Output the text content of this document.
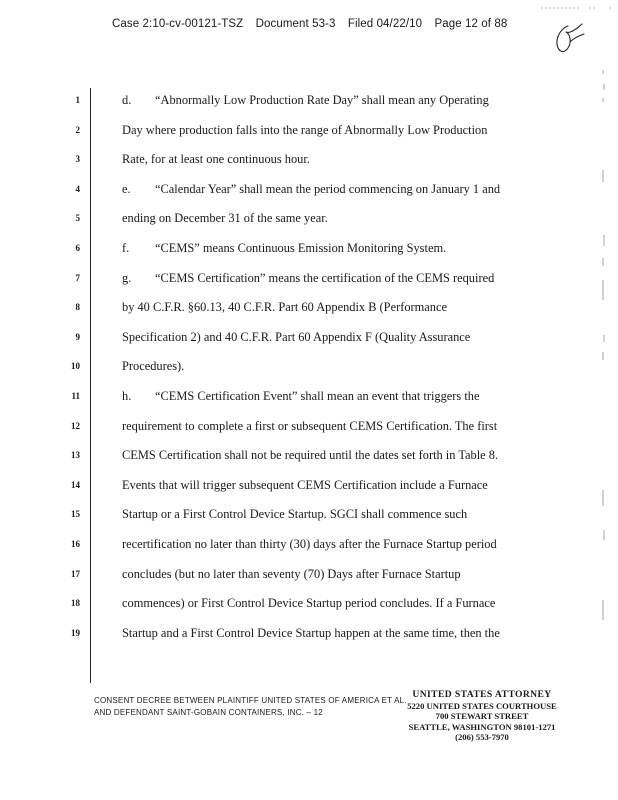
Case 2:10-cv-00121-TSZ Document 53-3 Filed 04/22/10 Page 12 of 88
1	d. “Abnormally Low Production Rate Day” shall mean any Operating
2	Day where production falls into the range of Abnormally Low Production
3	Rate, for at least one continuous hour.
4	e. “Calendar Year” shall mean the period commencing on January 1 and
5	ending on December 31 of the same year.
6	f. “CEMS” means Continuous Emission Monitoring System.
7	g. “CEMS Certification” means the certification of the CEMS required
8	by 40 C.F.R. §60.13, 40 C.F.R. Part 60 Appendix B (Performance
9	Specification 2) and 40 C.F.R. Part 60 Appendix F (Quality Assurance
10	Procedures).
11	h. “CEMS Certification Event” shall mean an event that triggers the
12	requirement to complete a first or subsequent CEMS Certification. The first
13	CEMS Certification shall not be required until the dates set forth in Table 8.
14	Events that will trigger subsequent CEMS Certification include a Furnace
15	Startup or a First Control Device Startup. SGCI shall commence such
16	recertification no later than thirty (30) days after the Furnace Startup period
17	concludes (but no later than seventy (70) Days after Furnace Startup
18	commences) or First Control Device Startup period concludes. If a Furnace
19	Startup and a First Control Device Startup happen at the same time, then the
CONSENT DECREE BETWEEN PLAINTIFF UNITED STATES OF AMERICA ET AL.
AND DEFENDANT SAINT-GOBAIN CONTAINERS, INC. – 12
UNITED STATES ATTORNEY
5220 UNITED STATES COURTHOUSE
700 STEWART STREET
SEATTLE, WASHINGTON 98101-1271
(206) 553-7970
